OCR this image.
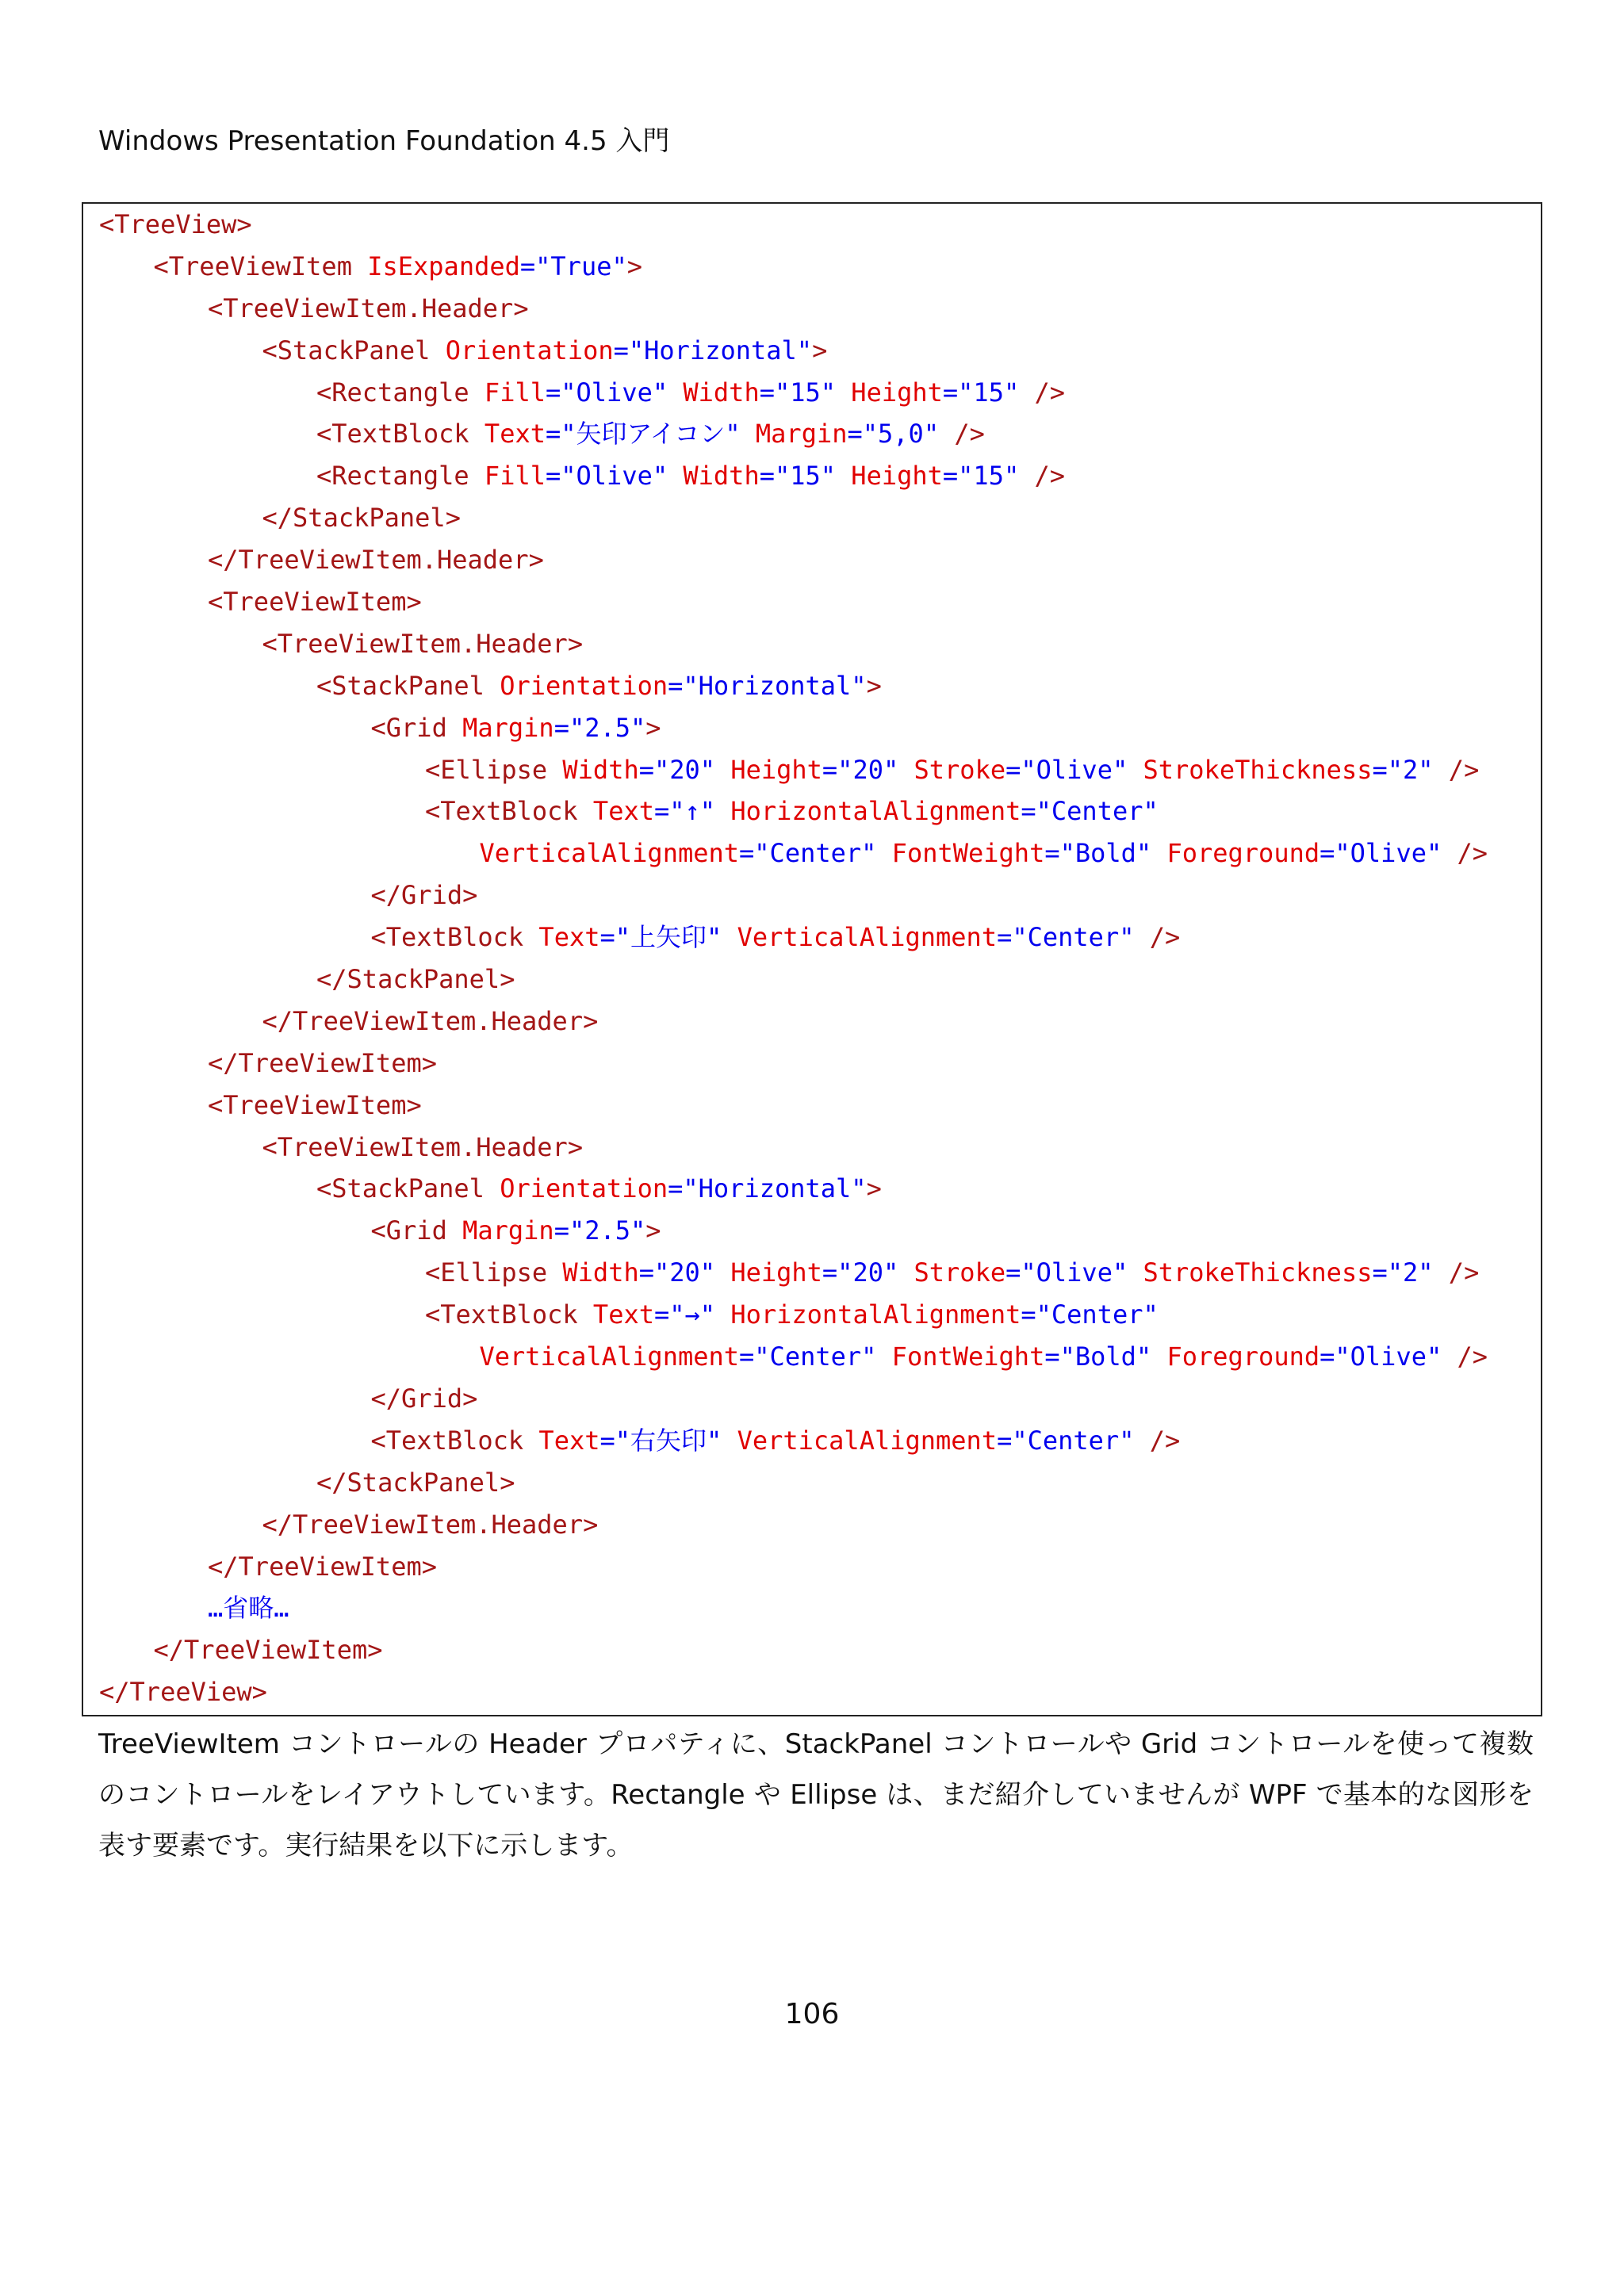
Windows Presentation Foundation 4.5 入門
<TreeView>
<TreeViewItem IsExpanded="True">
<TreeViewItem.Header>
<StackPanel Orientation="Horizontal">
<Rectangle Fill="Olive" Width="15" Height="15" />
<TextBlock Text="矢印アイコン" Margin="5,0" />
<Rectangle Fill="Olive" Width="15" Height="15" />
</StackPanel>
</TreeViewItem.Header>
<TreeViewItem>
<TreeViewItem.Header>
<StackPanel Orientation="Horizontal">
<Grid Margin="2.5">
<Ellipse Width="20" Height="20" Stroke="Olive" StrokeThickness="2" />
<TextBlock Text="↑" HorizontalAlignment="Center"
VerticalAlignment="Center" FontWeight="Bold" Foreground="Olive" />
</Grid>
<TextBlock Text="上矢印" VerticalAlignment="Center" />
</StackPanel>
</TreeViewItem.Header>
</TreeViewItem>
<TreeViewItem>
<TreeViewItem.Header>
<StackPanel Orientation="Horizontal">
<Grid Margin="2.5">
<Ellipse Width="20" Height="20" Stroke="Olive" StrokeThickness="2" />
<TextBlock Text="→" HorizontalAlignment="Center"
VerticalAlignment="Center" FontWeight="Bold" Foreground="Olive" />
</Grid>
<TextBlock Text="右矢印" VerticalAlignment="Center" />
</StackPanel>
</TreeViewItem.Header>
</TreeViewItem>
…省略…
</TreeViewItem>
</TreeView>

TreeViewItem コントロールの Header プロパティに、StackPanel コントロールや Grid コントロールを使って複数のコントロールをレイアウトしています。Rectangle や Ellipse は、まだ紹介していませんが WPF で基本的な図形を表す要素です。実行結果を以下に示します。

106
